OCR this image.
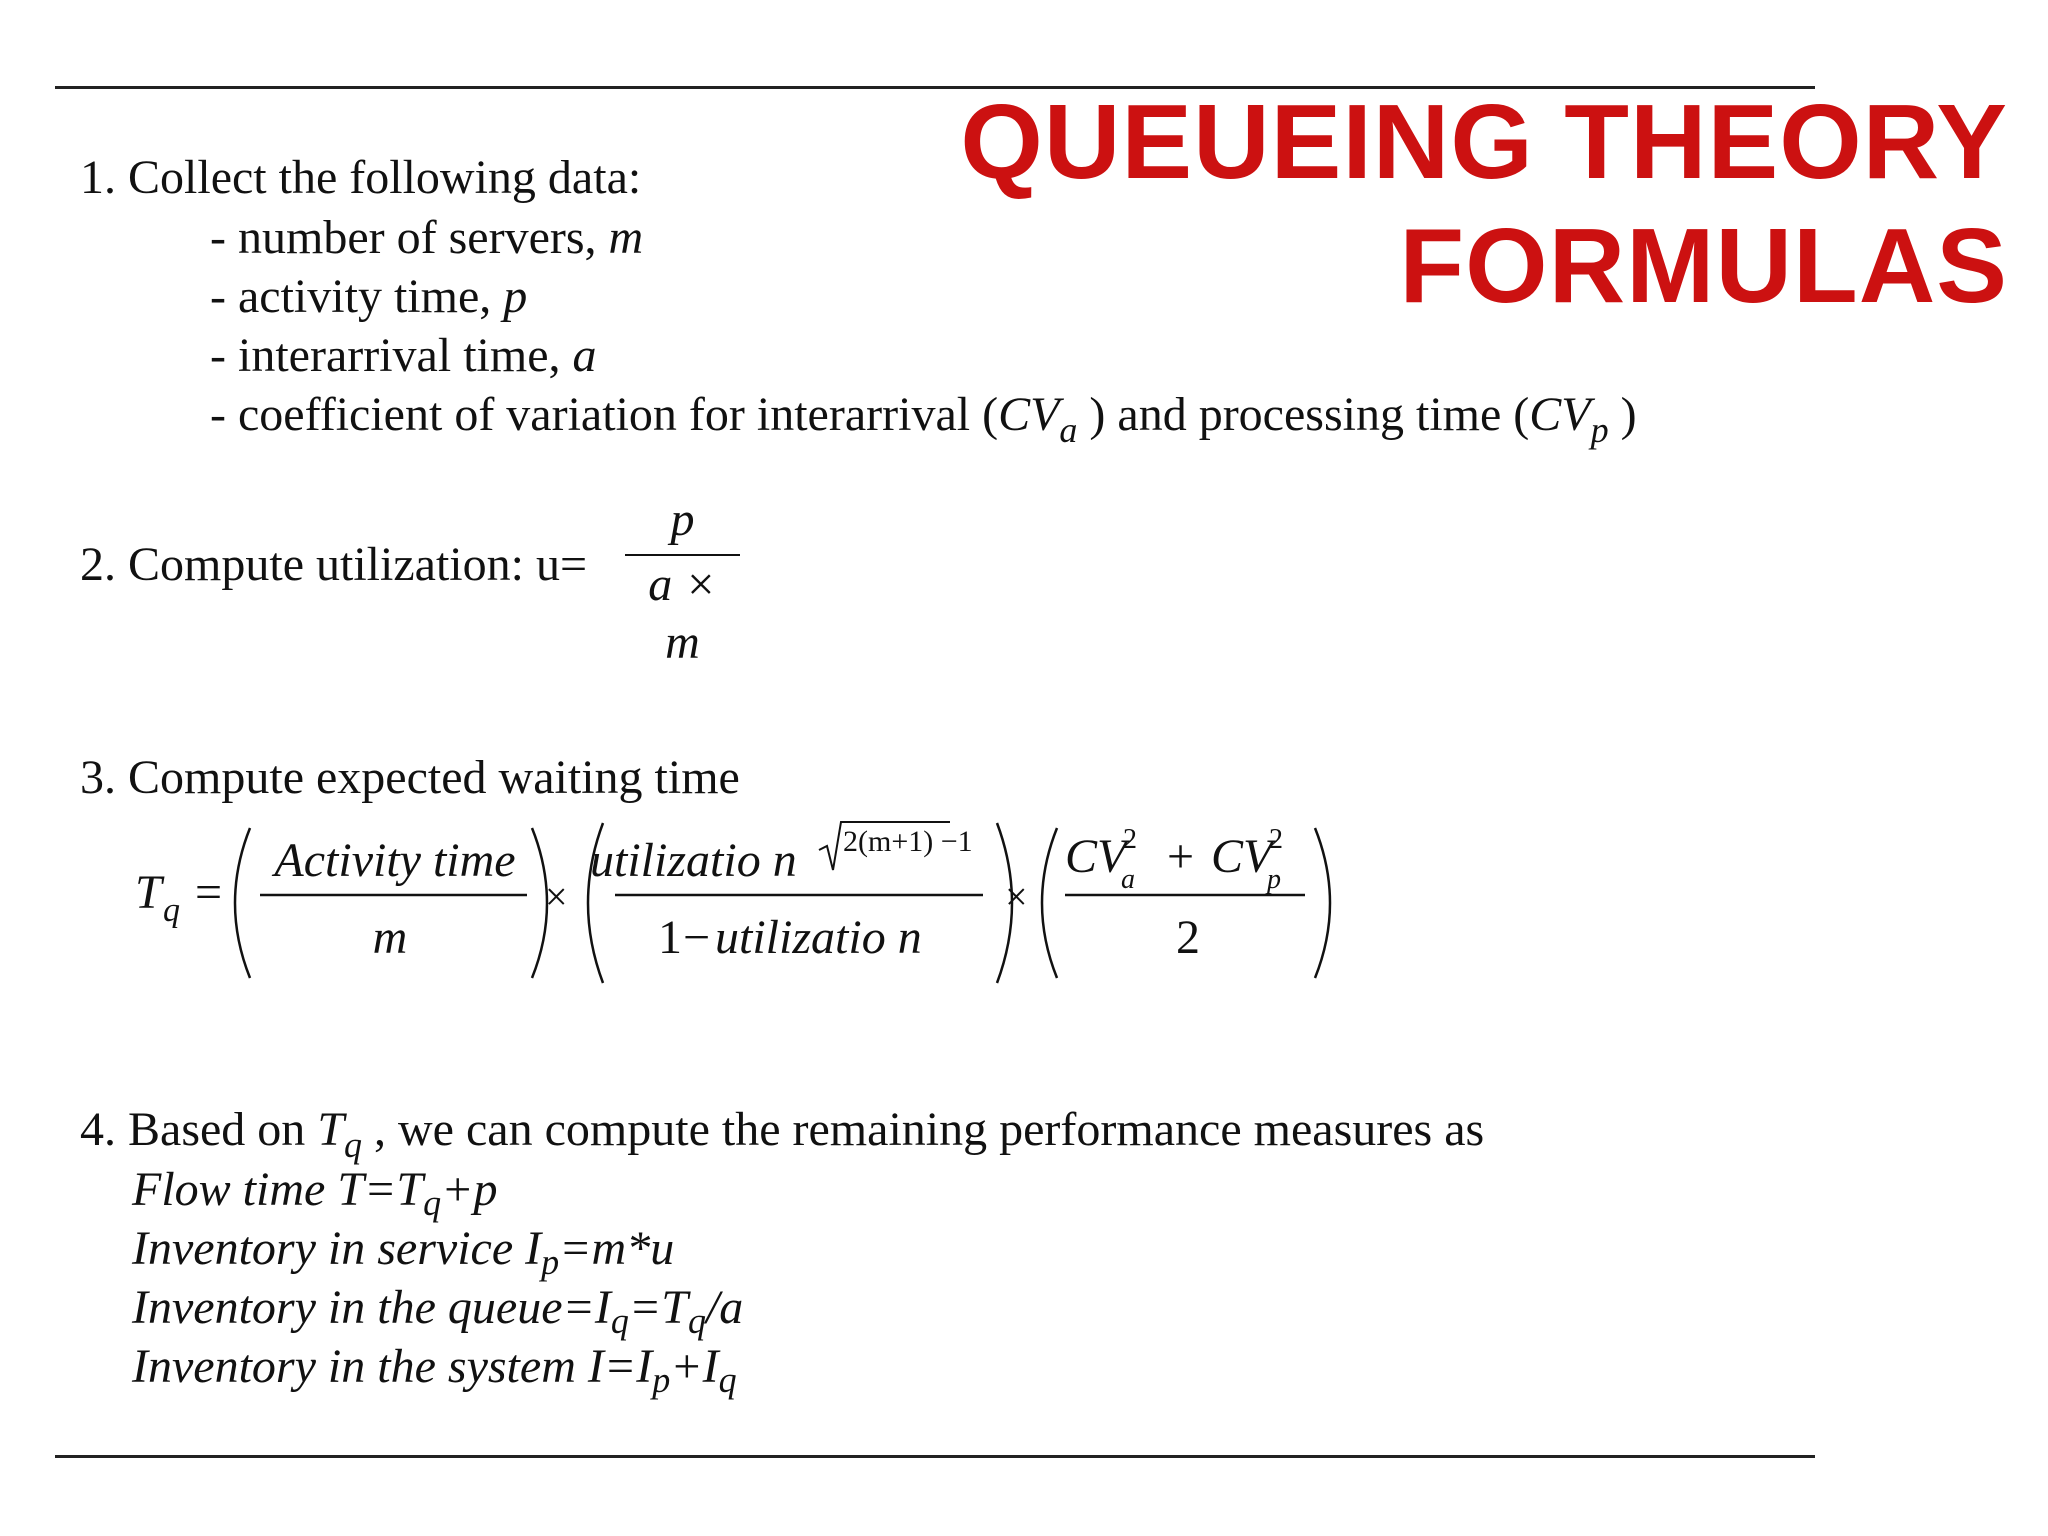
QUEUEING THEORY
FORMULAS
1. Collect the following data:
- number of servers, m
- activity time, p
- interarrival time, a
- coefficient of variation for interarrival ($CV_a$ ) and processing time ($CV_p$ )
2. Compute utilization: u=
p
a × m
3. Compute expected waiting time
T q =
Activity time
m
×
utilizatio n 2(m+1) −1
1 − utilizatio n
×
CV
2
a + CV
2
p
2
4. Based on $T_q$ , we can compute the remaining performance measures as
Flow time $T=T_q+p$
Inventory in service $I_p=m*u$
Inventory in the $queue=I_q=T_q/a$
Inventory in the system $I=I_p+I_q$
